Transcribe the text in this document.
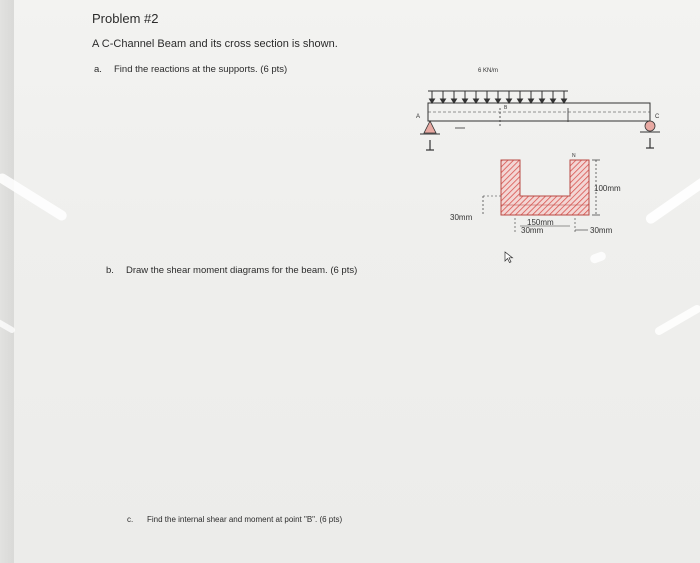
Problem #2
A C-Channel Beam and its cross section is shown.
a. Find the reactions at the supports. (6 pts)
b. Draw the shear moment diagrams for the beam. (6 pts)
c. Find the internal shear and moment at point "B". (6 pts)
6 KN/m
A
B
C
N
100mm
30mm
150mm
30mm	30mm
